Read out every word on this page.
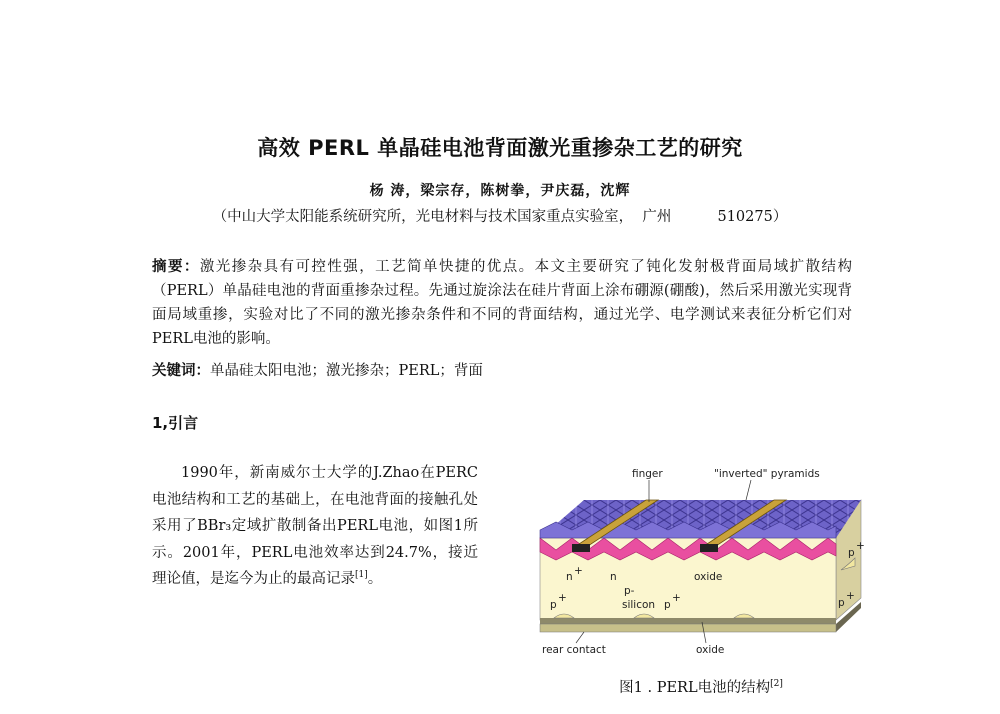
高效 PERL 单晶硅电池背面激光重掺杂工艺的研究
杨 涛，梁宗存，陈树拳，尹庆磊，沈辉
（中山大学太阳能系统研究所，光电材料与技术国家重点实验室，  广州          510275）
摘要：激光掺杂具有可控性强，工艺简单快捷的优点。本文主要研究了钝化发射极背面局域扩散结构（PERL）单晶硅电池的背面重掺杂过程。先通过旋涂法在硅片背面上涂布硼源(硼酸)，然后采用激光实现背面局域重掺，实验对比了不同的激光掺杂条件和不同的背面结构，通过光学、电学测试来表征分析它们对PERL电池的影响。
关键词：单晶硅太阳电池；激光掺杂；PERL；背面
1,引言
1990年，新南威尔士大学的J.Zhao在PERC电池结构和工艺的基础上，在电池背面的接触孔处采用了BBr₃定域扩散制备出PERL电池，如图1所示。2001年，PERL电池效率达到24.7%，接近理论值，是迄今为止的最高记录[1]。
finger	"inverted" pyramids
n +	n	oxide
p-
silicon
p
+
p
+
p
+
p
+
rear contact	oxide
图1 . PERL电池的结构[2]
